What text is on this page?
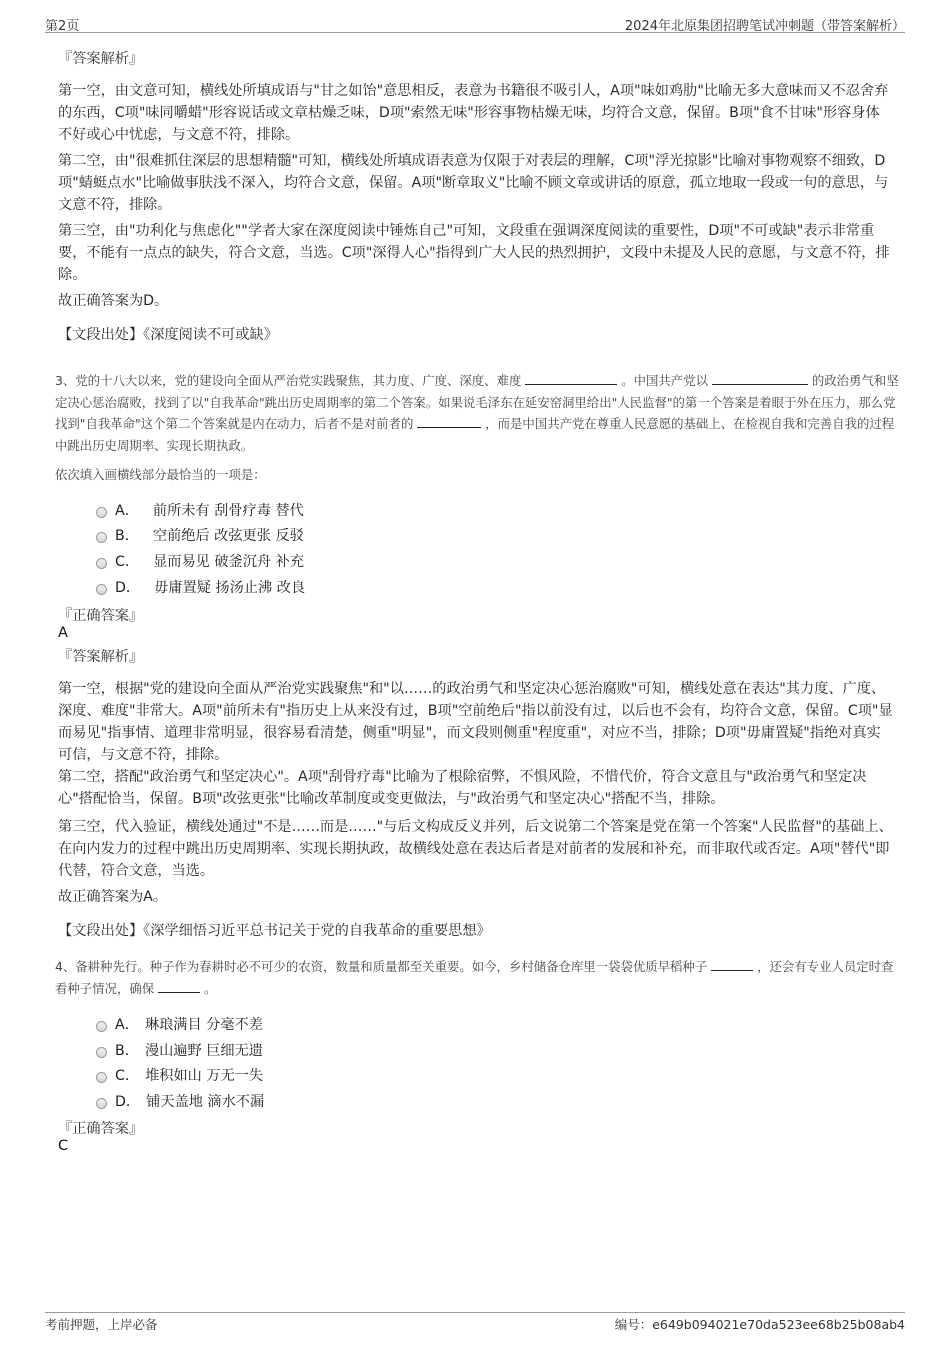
第2页	2024年北原集团招聘笔试冲刺题（带答案解析）
『答案解析』
第一空，由文意可知，横线处所填成语与"甘之如饴"意思相反，表意为书籍很不吸引人，A项"味如鸡肋"比喻无多大意味而又不忍舍弃的东西，C项"味同嚼蜡"形容说话或文章枯燥乏味，D项"索然无味"形容事物枯燥无味，均符合文意，保留。B项"食不甘味"形容身体不好或心中忧虑，与文意不符，排除。
第二空，由"很难抓住深层的思想精髓"可知，横线处所填成语表意为仅限于对表层的理解，C项"浮光掠影"比喻对事物观察不细致，D项"蜻蜓点水"比喻做事肤浅不深入，均符合文意，保留。A项"断章取义"比喻不顾文章或讲话的原意，孤立地取一段或一句的意思，与文意不符，排除。
第三空，由"功利化与焦虑化""学者大家在深度阅读中锤炼自己"可知，文段重在强调深度阅读的重要性，D项"不可或缺"表示非常重要，不能有一点点的缺失，符合文意，当选。C项"深得人心"指得到广大人民的热烈拥护，文段中未提及人民的意愿，与文意不符，排除。
故正确答案为D。
【文段出处】《深度阅读不可或缺》
3、党的十八大以来，党的建设向全面从严治党实践聚焦，其力度、广度、深度、难度	。中国共产党以	的政治勇气和坚定决心惩治腐败，找到了以"自我革命"跳出历史周期率的第二个答案。如果说毛泽东在延安窑洞里给出"人民监督"的第一个答案是着眼于外在压力，那么党找到"自我革命"这个第二个答案就是内在动力，后者不是对前者的	，而是中国共产党在尊重人民意愿的基础上、在检视自我和完善自我的过程中跳出历史周期率、实现长期执政。
依次填入画横线部分最恰当的一项是：
A． 前所未有 刮骨疗毒 替代
B． 空前绝后 改弦更张 反驳
C． 显而易见 破釜沉舟 补充
D． 毋庸置疑 扬汤止沸 改良
『正确答案』
A
『答案解析』
第一空，根据"党的建设向全面从严治党实践聚焦"和"以……的政治勇气和坚定决心惩治腐败"可知，横线处意在表达"其力度、广度、深度、难度"非常大。A项"前所未有"指历史上从来没有过，B项"空前绝后"指以前没有过，以后也不会有，均符合文意，保留。C项"显而易见"指事情、道理非常明显，很容易看清楚，侧重"明显"，而文段则侧重"程度重"，对应不当，排除；D项"毋庸置疑"指绝对真实可信，与文意不符，排除。
第二空，搭配"政治勇气和坚定决心"。A项"刮骨疗毒"比喻为了根除宿弊，不惧风险，不惜代价，符合文意且与"政治勇气和坚定决心"搭配恰当，保留。B项"改弦更张"比喻改革制度或变更做法，与"政治勇气和坚定决心"搭配不当，排除。
第三空，代入验证，横线处通过"不是……而是……"与后文构成反义并列，后文说第二个答案是党在第一个答案"人民监督"的基础上、在向内发力的过程中跳出历史周期率、实现长期执政，故横线处意在表达后者是对前者的发展和补充，而非取代或否定。A项"替代"即代替，符合文意，当选。
故正确答案为A。
【文段出处】《深学细悟习近平总书记关于党的自我革命的重要思想》
4、备耕种先行。种子作为春耕时必不可少的农资，数量和质量都至关重要。如今，乡村储备仓库里一袋袋优质早稻种子	，还会有专业人员定时查看种子情况，确保	。
A． 琳琅满目 分毫不差
B． 漫山遍野 巨细无遗
C． 堆积如山 万无一失
D． 铺天盖地 滴水不漏
『正确答案』
C
考前押题，上岸必备	编号：e649b094021e70da523ee68b25b08ab4
